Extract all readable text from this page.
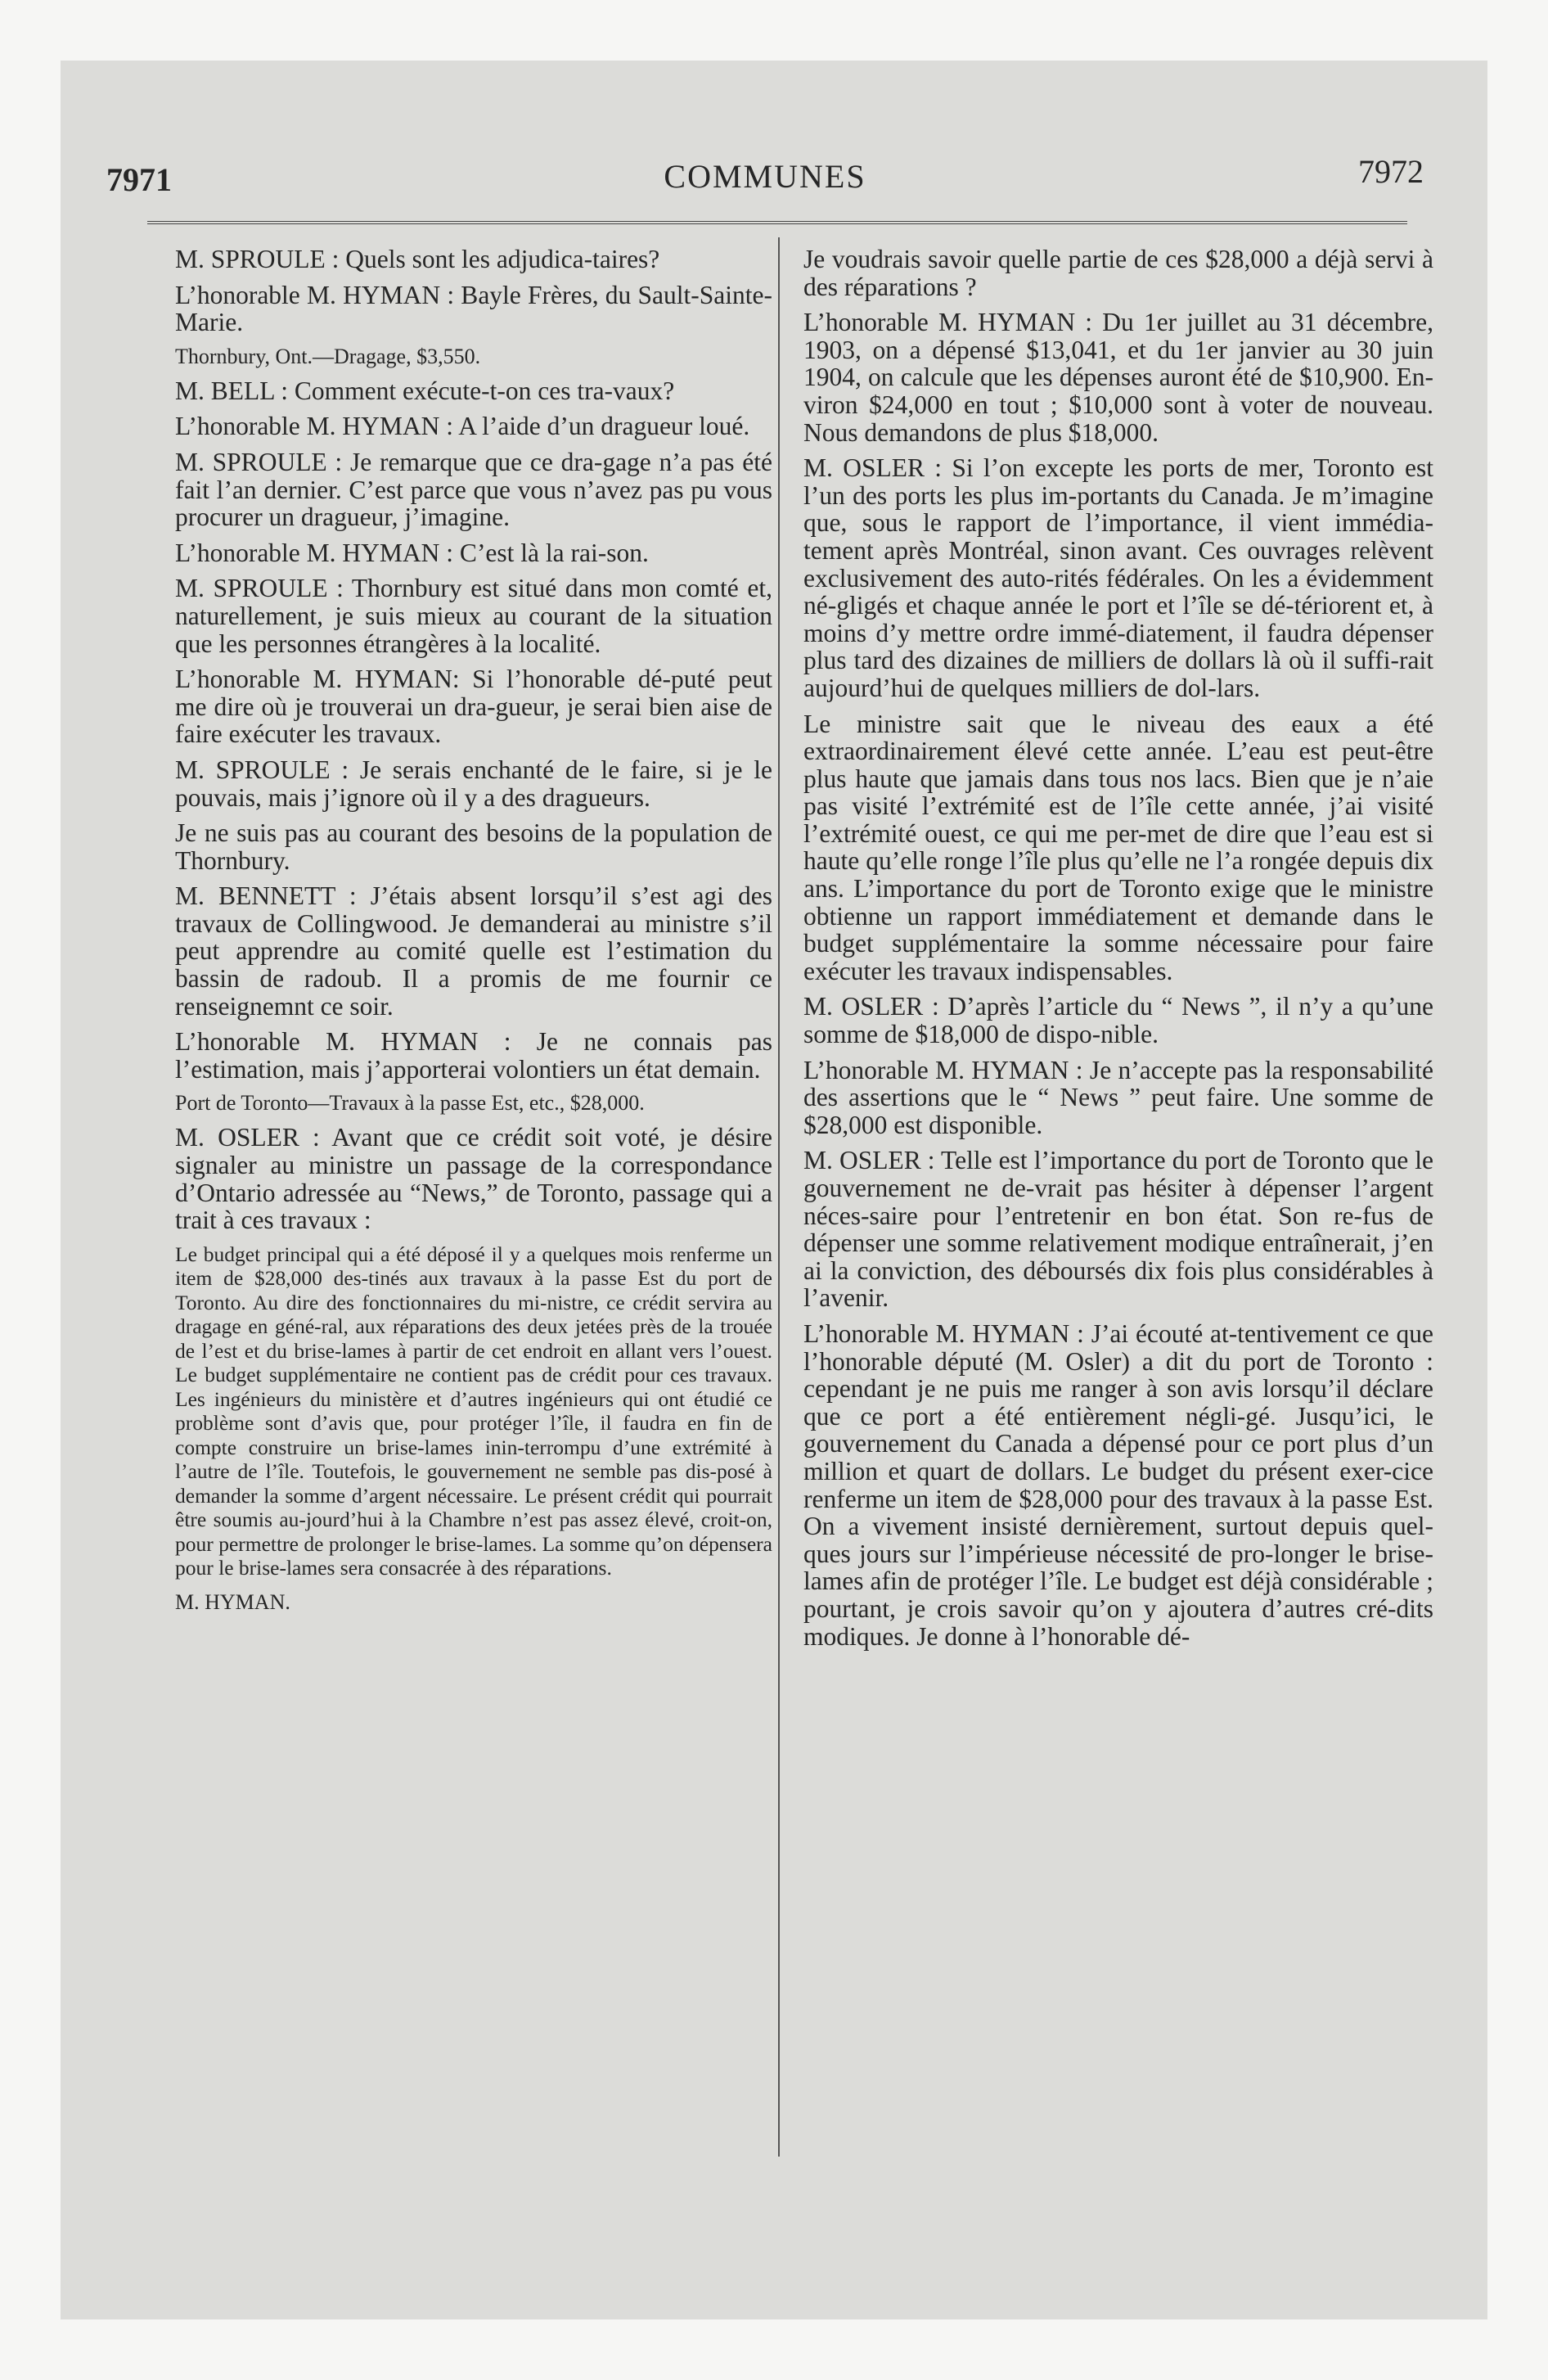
7971	COMMUNES	7972

M. SPROULE : Quels sont les adjudica-taires?

L’honorable M. HYMAN : Bayle Frères, du Sault-Sainte-Marie.

Thornbury, Ont.—Dragage, $3,550.

M. BELL : Comment exécute-t-on ces tra-vaux?

L’honorable M. HYMAN : A l’aide d’un dragueur loué.

M. SPROULE : Je remarque que ce dra-gage n’a pas été fait l’an dernier. C’est parce que vous n’avez pas pu vous procurer un dragueur, j’imagine.

L’honorable M. HYMAN : C’est là la rai-son.

M. SPROULE : Thornbury est situé dans mon comté et, naturellement, je suis mieux au courant de la situation que les personnes étrangères à la localité.

L’honorable M. HYMAN: Si l’honorable dé-puté peut me dire où je trouverai un dra-gueur, je serai bien aise de faire exécuter les travaux.

M. SPROULE : Je serais enchanté de le faire, si je le pouvais, mais j’ignore où il y a des dragueurs.

Je ne suis pas au courant des besoins de la population de Thornbury.

M. BENNETT : J’étais absent lorsqu’il s’est agi des travaux de Collingwood. Je demanderai au ministre s’il peut apprendre au comité quelle est l’estimation du bassin de radoub. Il a promis de me fournir ce renseignemnt ce soir.

L’honorable M. HYMAN : Je ne connais pas l’estimation, mais j’apporterai volontiers un état demain.

Port de Toronto—Travaux à la passe Est, etc., $28,000.

M. OSLER : Avant que ce crédit soit voté, je désire signaler au ministre un passage de la correspondance d’Ontario adressée au “News,” de Toronto, passage qui a trait à ces travaux :

Le budget principal qui a été déposé il y a quelques mois renferme un item de $28,000 des-tinés aux travaux à la passe Est du port de Toronto. Au dire des fonctionnaires du mi-nistre, ce crédit servira au dragage en géné-ral, aux réparations des deux jetées près de la trouée de l’est et du brise-lames à partir de cet endroit en allant vers l’ouest. Le budget supplémentaire ne contient pas de crédit pour ces travaux. Les ingénieurs du ministère et d’autres ingénieurs qui ont étudié ce problème sont d’avis que, pour protéger l’île, il faudra en fin de compte construire un brise-lames inin-terrompu d’une extrémité à l’autre de l’île. Toutefois, le gouvernement ne semble pas dis-posé à demander la somme d’argent nécessaire. Le présent crédit qui pourrait être soumis au-jourd’hui à la Chambre n’est pas assez élevé, croit-on, pour permettre de prolonger le brise-lames. La somme qu’on dépensera pour le brise-lames sera consacrée à des réparations.

M. HYMAN.

Je voudrais savoir quelle partie de ces $28,000 a déjà servi à des réparations ?

L’honorable M. HYMAN : Du 1er juillet au 31 décembre, 1903, on a dépensé $13,041, et du 1er janvier au 30 juin 1904, on calcule que les dépenses auront été de $10,900. En-viron $24,000 en tout ; $10,000 sont à voter de nouveau. Nous demandons de plus $18,000.

M. OSLER : Si l’on excepte les ports de mer, Toronto est l’un des ports les plus im-portants du Canada. Je m’imagine que, sous le rapport de l’importance, il vient immédia-tement après Montréal, sinon avant. Ces ouvrages relèvent exclusivement des auto-rités fédérales. On les a évidemment né-gligés et chaque année le port et l’île se dé-tériorent et, à moins d’y mettre ordre immé-diatement, il faudra dépenser plus tard des dizaines de milliers de dollars là où il suffi-rait aujourd’hui de quelques milliers de dol-lars.

Le ministre sait que le niveau des eaux a été extraordinairement élevé cette année. L’eau est peut-être plus haute que jamais dans tous nos lacs. Bien que je n’aie pas visité l’extrémité est de l’île cette année, j’ai visité l’extrémité ouest, ce qui me per-met de dire que l’eau est si haute qu’elle ronge l’île plus qu’elle ne l’a rongée depuis dix ans. L’importance du port de Toronto exige que le ministre obtienne un rapport immédiatement et demande dans le budget supplémentaire la somme nécessaire pour faire exécuter les travaux indispensables.

M. OSLER : D’après l’article du “ News ”, il n’y a qu’une somme de $18,000 de dispo-nible.

L’honorable M. HYMAN : Je n’accepte pas la responsabilité des assertions que le “ News ” peut faire. Une somme de $28,000 est disponible.

M. OSLER : Telle est l’importance du port de Toronto que le gouvernement ne de-vrait pas hésiter à dépenser l’argent néces-saire pour l’entretenir en bon état. Son re-fus de dépenser une somme relativement modique entraînerait, j’en ai la conviction, des déboursés dix fois plus considérables à l’avenir.

L’honorable M. HYMAN : J’ai écouté at-tentivement ce que l’honorable député (M. Osler) a dit du port de Toronto : cependant je ne puis me ranger à son avis lorsqu’il déclare que ce port a été entièrement négli-gé. Jusqu’ici, le gouvernement du Canada a dépensé pour ce port plus d’un million et quart de dollars. Le budget du présent exer-cice renferme un item de $28,000 pour des travaux à la passe Est. On a vivement insisté dernièrement, surtout depuis quel-ques jours sur l’impérieuse nécessité de pro-longer le brise-lames afin de protéger l’île. Le budget est déjà considérable ; pourtant, je crois savoir qu’on y ajoutera d’autres cré-dits modiques. Je donne à l’honorable dé-
